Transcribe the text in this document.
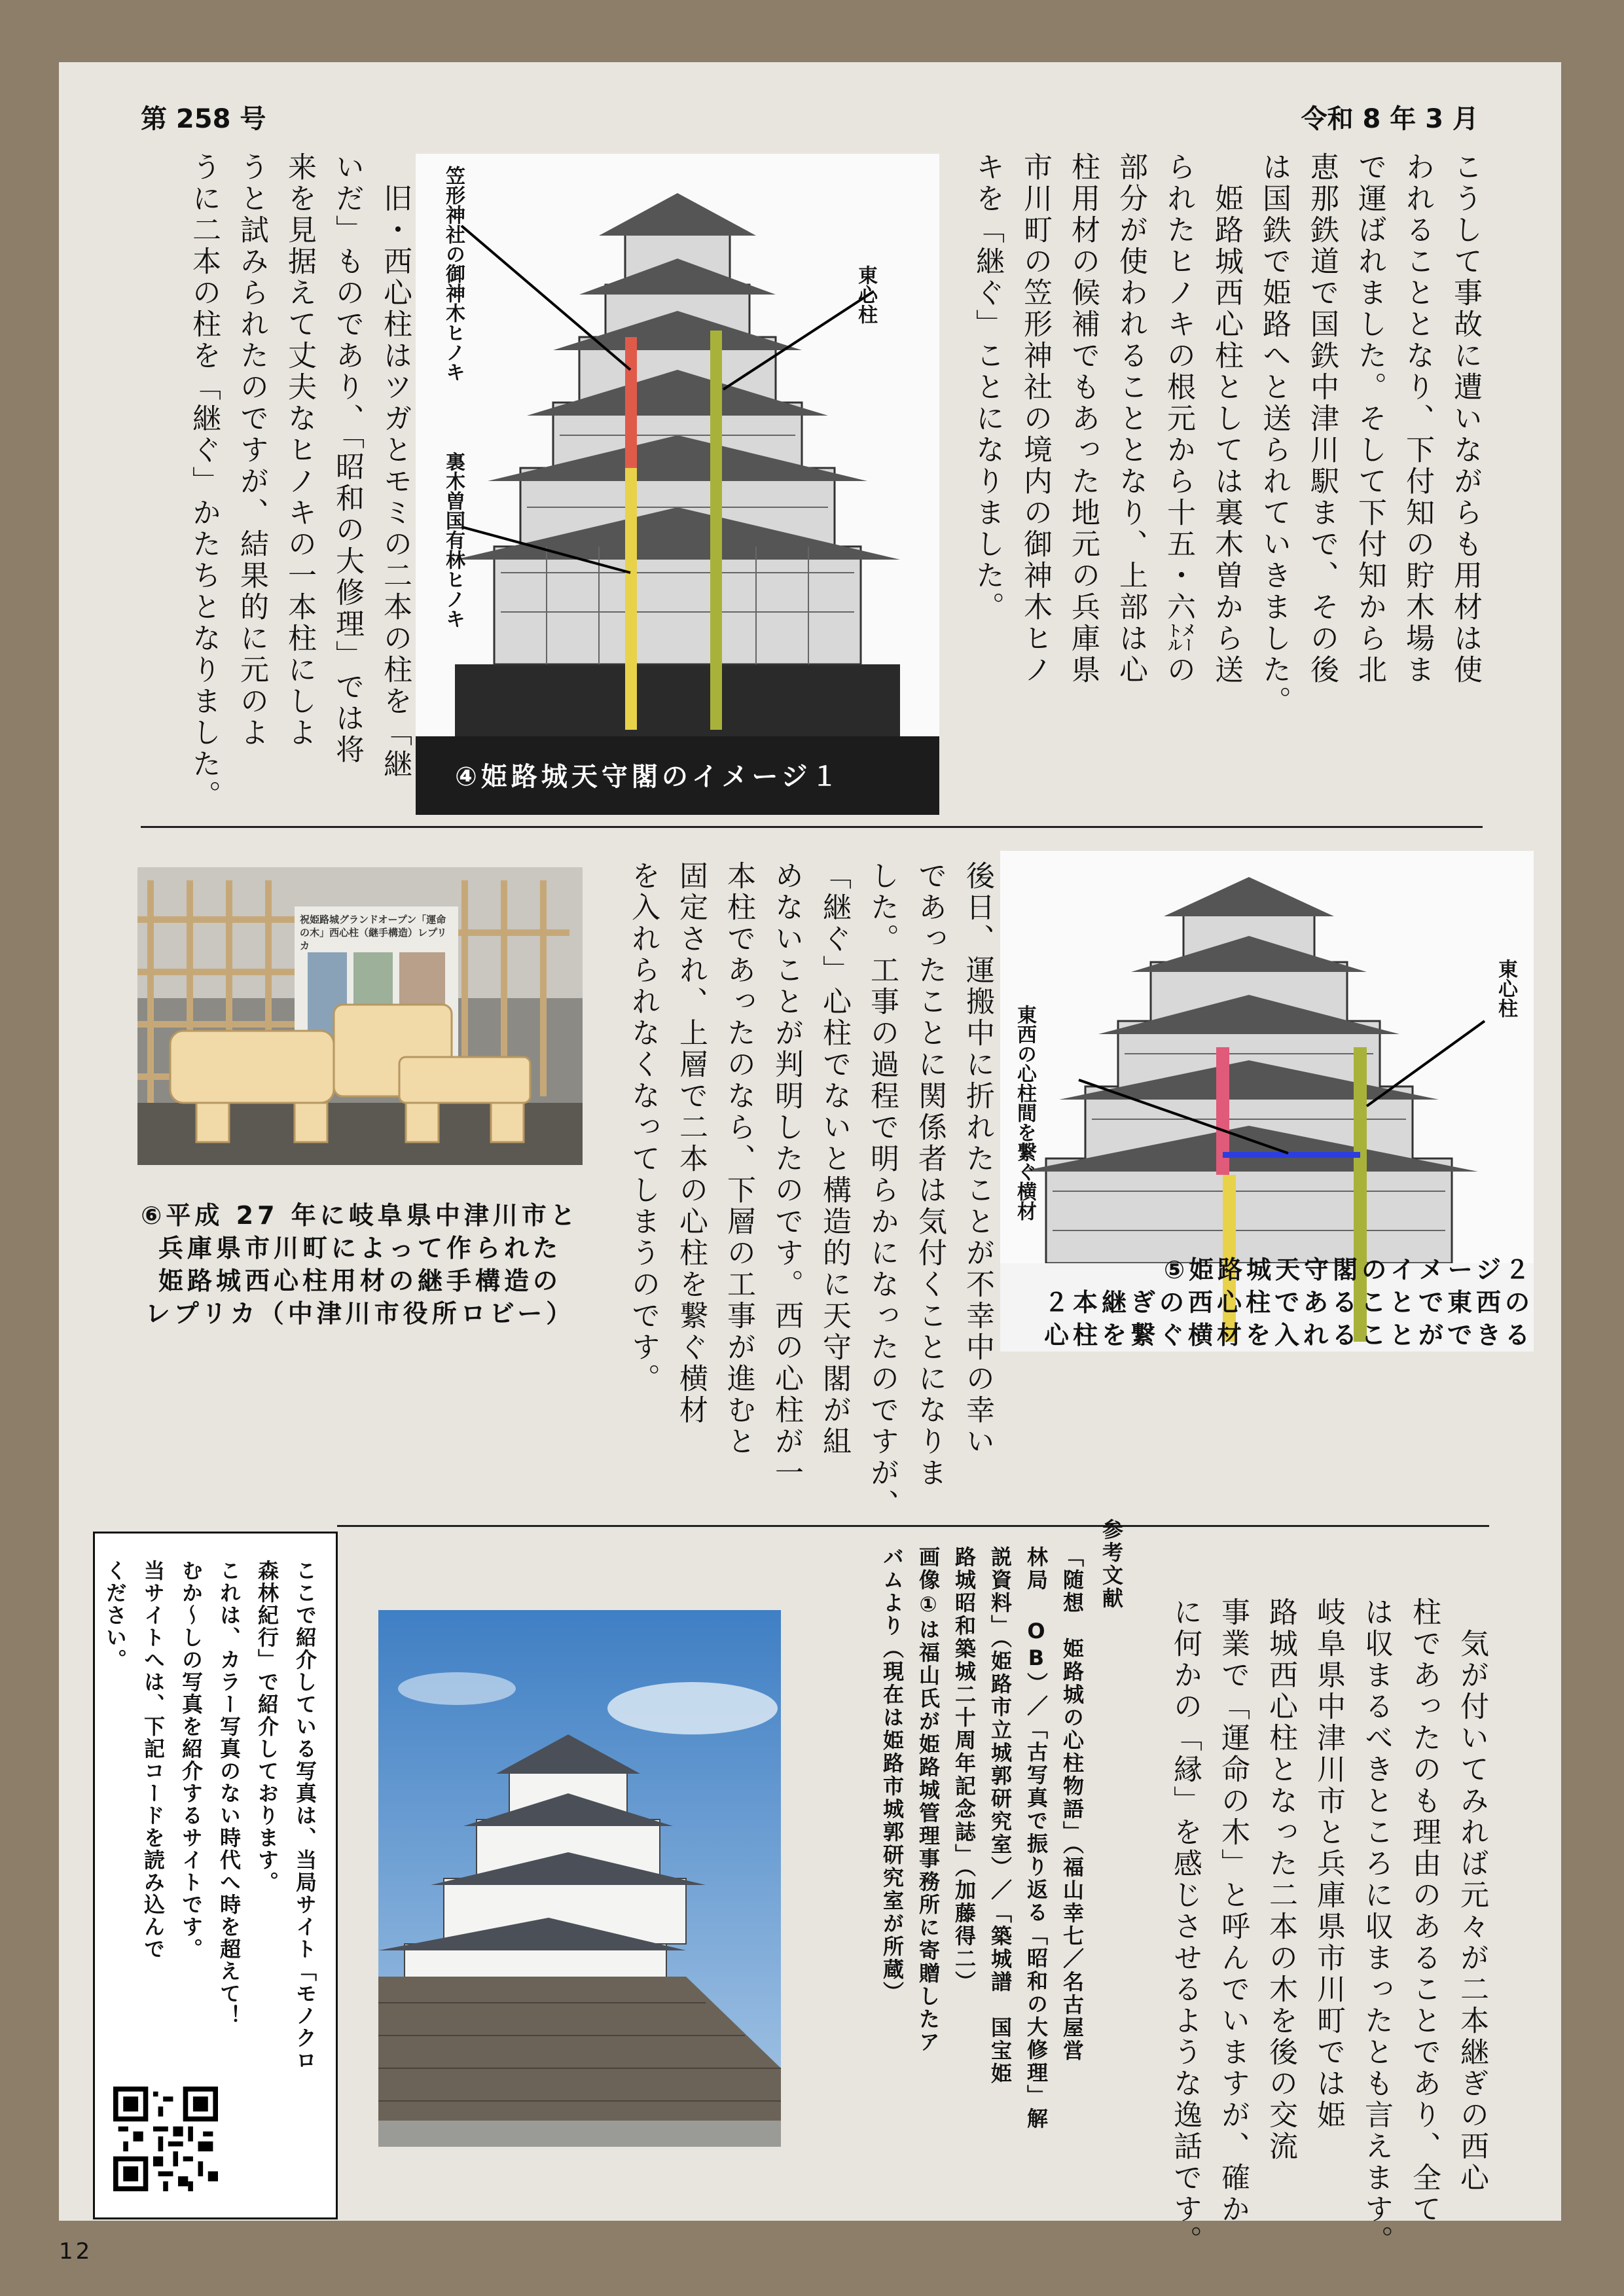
第 258 号	令和 8 年 3 月
こうして事故に遭いながらも用材は使
われることとなり、下付知の貯木場ま
で運ばれました。そして下付知から北
恵那鉄道で国鉄中津川駅まで、その後
は国鉄で姫路へと送られていきました。
　姫路城西心柱としては裏木曽から送
られたヒノキの根元から十五・六㍍の
部分が使われることとなり、上部は心
柱用材の候補でもあった地元の兵庫県
市川町の笠形神社の境内の御神木ヒノ
キを「継ぐ」ことになりました。
　旧・西心柱はツガとモミの二本の柱を「継
いだ」ものであり、「昭和の大修理」では将
来を見据えて丈夫なヒノキの一本柱にしよ
うと試みられたのですが、結果的に元のよ
うに二本の柱を「継ぐ」かたちとなりました。	笠形神社の御神木ヒノキ	東心柱
裏木曽国有林ヒノキ
④姫路城天守閣のイメージ１
祝姫路城グランドオープン「運命の木」西心柱（継手構造）レプリカ
⑥平成 27 年に岐阜県中津川市と
兵庫県市川町によって作られた
姫路城西心柱用材の継手構造の
レプリカ（中津川市役所ロビー）	後日、運搬中に折れたことが不幸中の幸い
であったことに関係者は気付くことになりま
した。工事の過程で明らかになったのですが、
「継ぐ」心柱でないと構造的に天守閣が組
めないことが判明したのです。西の心柱が一
本柱であったのなら、下層の工事が進むと
固定され、上層で二本の心柱を繋ぐ横材
を入れられなくなってしまうのです。	東心柱
東西の心柱間を繋ぐ横材
⑤姫路城天守閣のイメージ２
２本継ぎの西心柱であることで東西の
心柱を繋ぐ横材を入れることができる
　気が付いてみれば元々が二本継ぎの西心
柱であったのも理由のあることであり、全て
は収まるべきところに収まったとも言えます。
岐阜県中津川市と兵庫県市川町では姫
路城西心柱となった二本の木を後の交流
事業で「運命の木」と呼んでいますが、確か
に何かの「縁」を感じさせるような逸話です。
参考文献
「随想　姫路城の心柱物語」（福山幸七／名古屋営
林局 OB）／「古写真で振り返る「昭和の大修理」解
説資料」（姫路市立城郭研究室）／「築城譜　国宝姫
路城昭和築城二十周年記念誌」（加藤得二）
画像①は福山氏が姫路城管理事務所に寄贈したア
バムより（現在は姫路市城郭研究室が所蔵）
ここで紹介している写真は、当局サイト「モノクロ
森林紀行」で紹介しております。
これは、カラー写真のない時代へ時を超えて！
むか～しの写真を紹介するサイトです。
当サイトへは、下記コードを読み込んで
ください。
12
